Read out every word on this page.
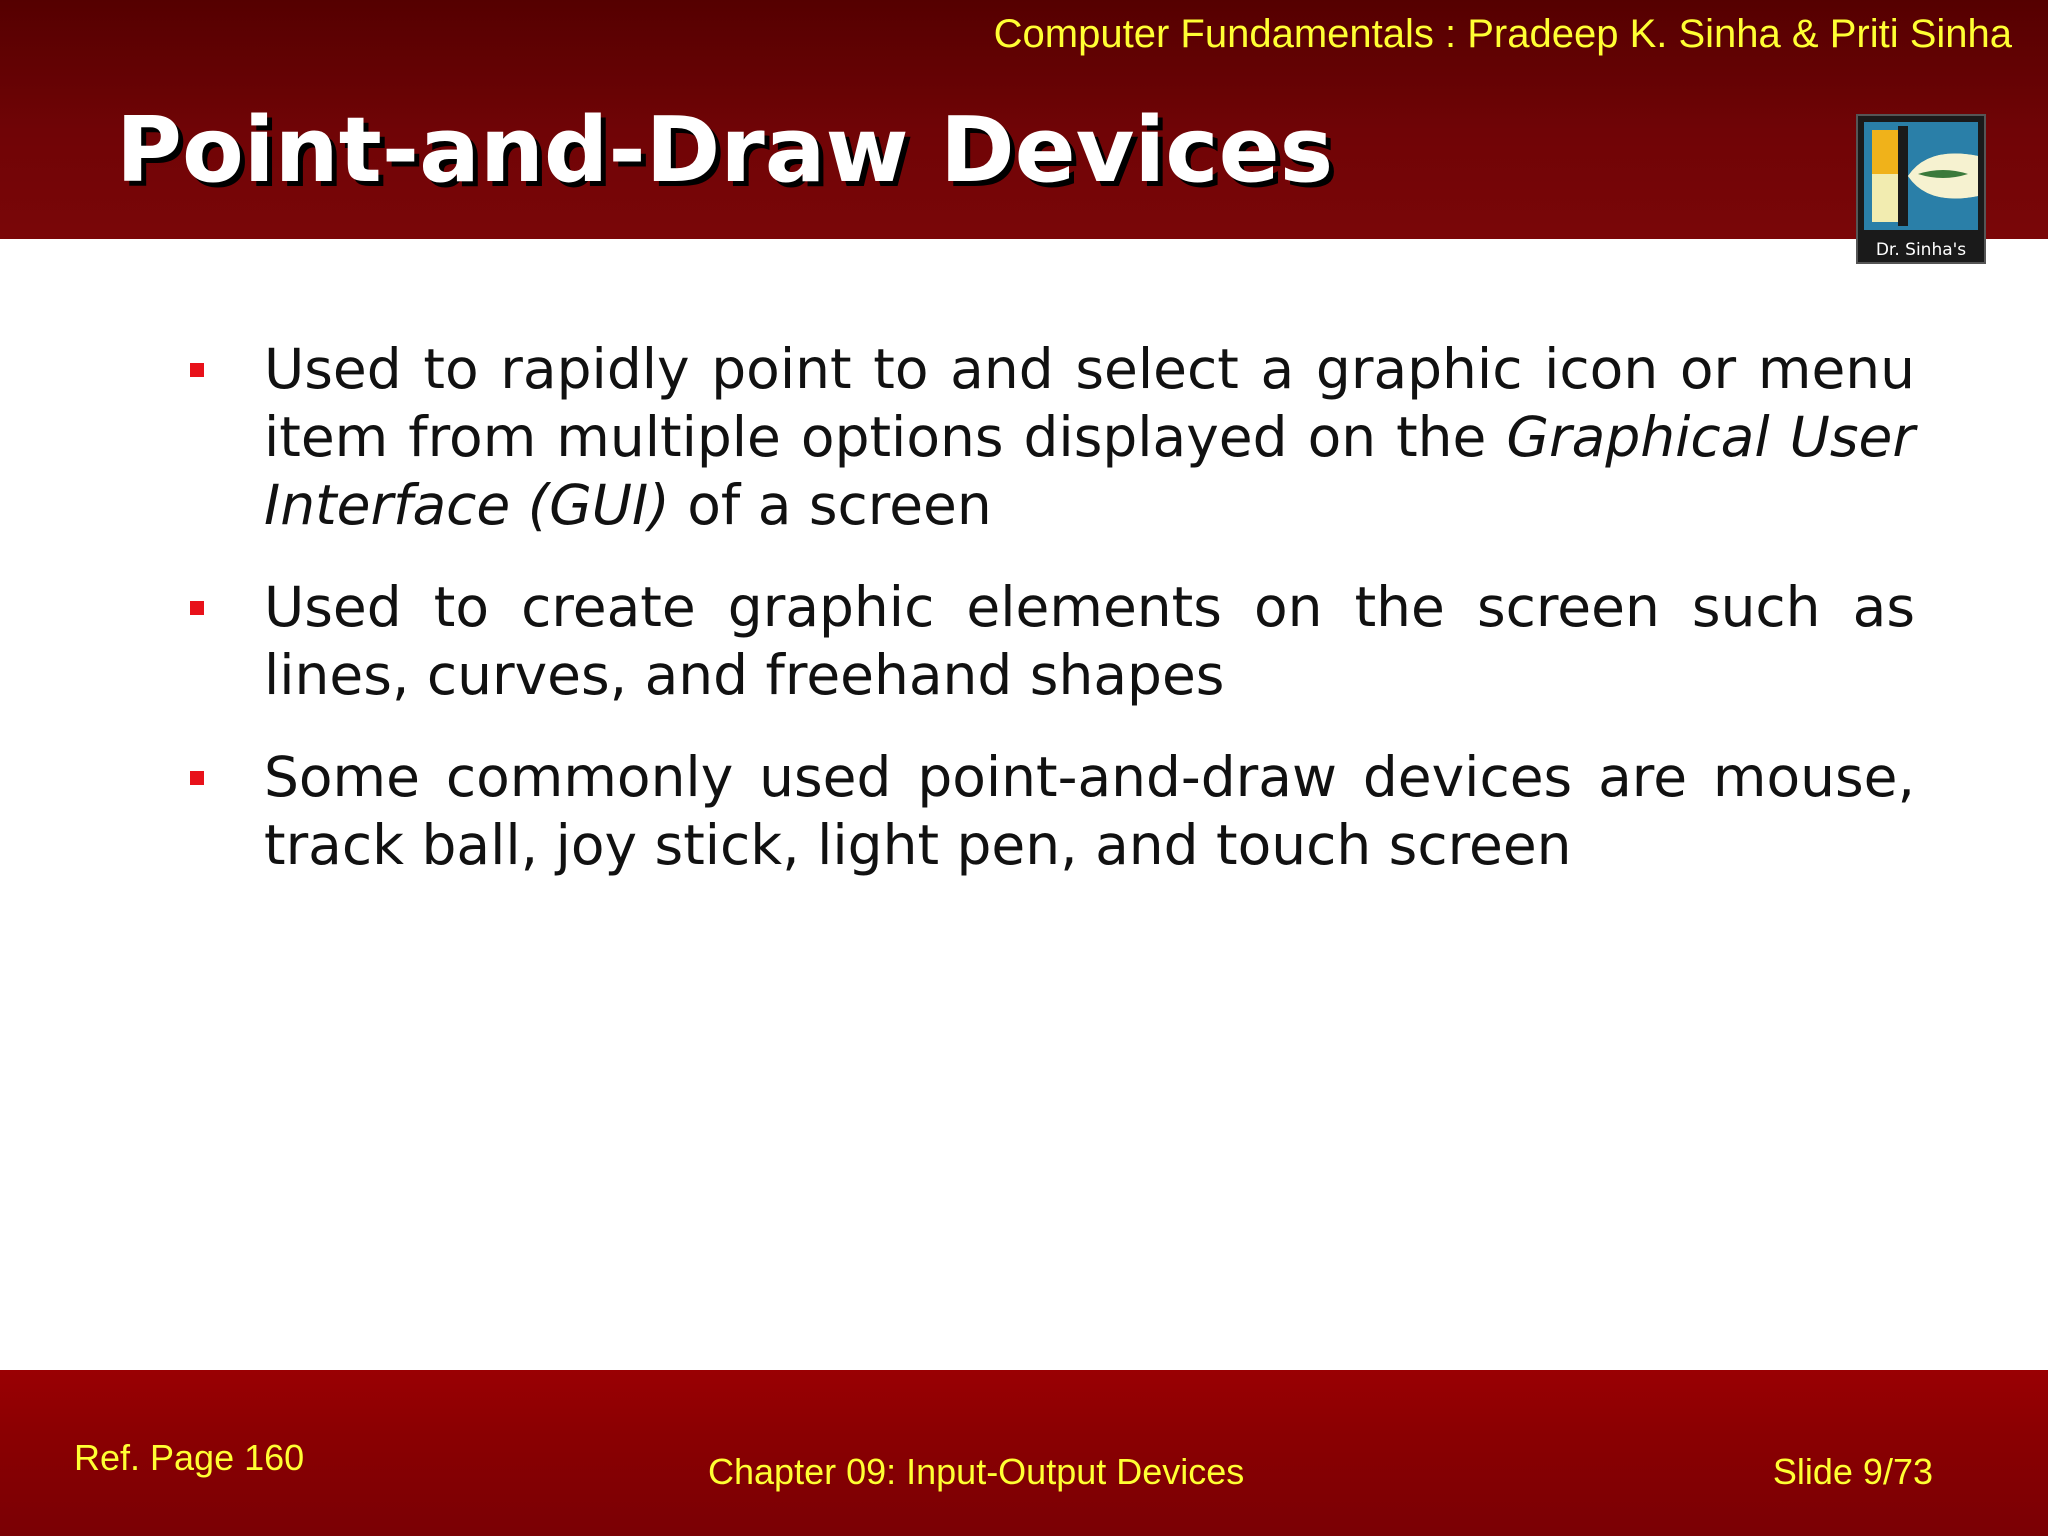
Computer Fundamentals : Pradeep K. Sinha & Priti Sinha

Point-and-Draw Devices
Dr. Sinha's

Used to rapidly point to and select a graphic icon or menu item from multiple options displayed on the Graphical User Interface (GUI) of a screen

Used to create graphic elements on the screen such as lines, curves, and freehand shapes

Some commonly used point-and-draw devices are mouse, track ball, joy stick, light pen, and touch screen

Ref. Page 160	Chapter 09: Input-Output Devices	Slide 9/73
